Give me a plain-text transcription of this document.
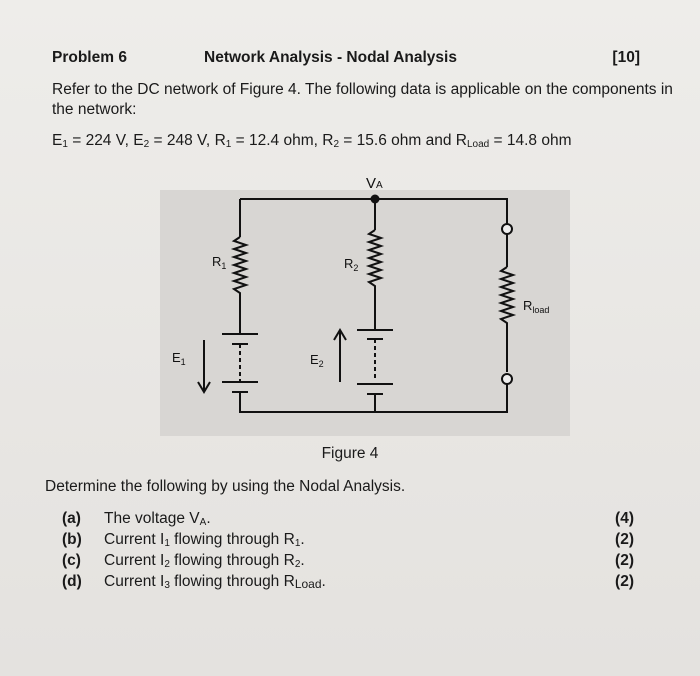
Problem 6	Network Analysis - Nodal Analysis	[10]
Refer to the DC network of Figure 4. The following data is applicable on the components in the network:
$E_1 = 224$ V, $E_2 = 248$ V, $R_1 = 12.4$ ohm, $R_2 = 15.6$ ohm and $R_{Load} = 14.8$ ohm
VA
$R_1$	$R_2$
$R_{load}$
$E_1$	$E_2$
Figure 4
Determine the following by using the Nodal Analysis.
(a) The voltage $V_A$.	(4)
(b) Current $I_1$ flowing through $R_1$.	(2)
(c) Current $I_2$ flowing through $R_2$.	(2)
(d) Current $I_3$ flowing through $R_{Load}$.	(2)
